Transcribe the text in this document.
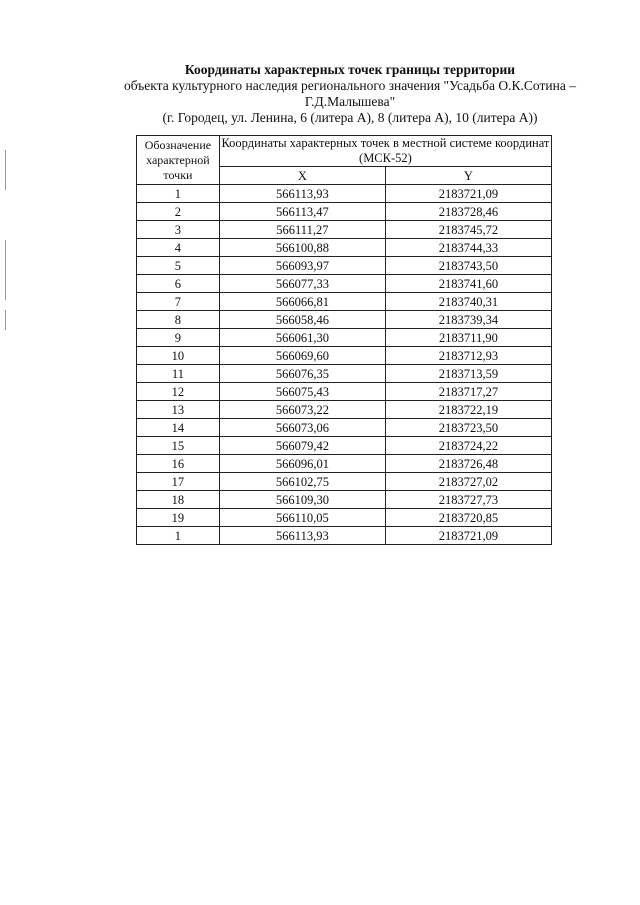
Координаты характерных точек границы территории
объекта культурного наследия регионального значения "Усадьба О.К.Сотина –
Г.Д.Малышева"
(г. Городец, ул. Ленина, 6 (литера А), 8 (литера А), 10 (литера А))
Обозначение характерной точки	Координаты характерных точек в местной системе координат (МСК-52)	
	X	Y
1	566113,93	2183721,09
2	566113,47	2183728,46
3	566111,27	2183745,72
4	566100,88	2183744,33
5	566093,97	2183743,50
6	566077,33	2183741,60
7	566066,81	2183740,31
8	566058,46	2183739,34
9	566061,30	2183711,90
10	566069,60	2183712,93
11	566076,35	2183713,59
12	566075,43	2183717,27
13	566073,22	2183722,19
14	566073,06	2183723,50
15	566079,42	2183724,22
16	566096,01	2183726,48
17	566102,75	2183727,02
18	566109,30	2183727,73
19	566110,05	2183720,85
1	566113,93	2183721,09
